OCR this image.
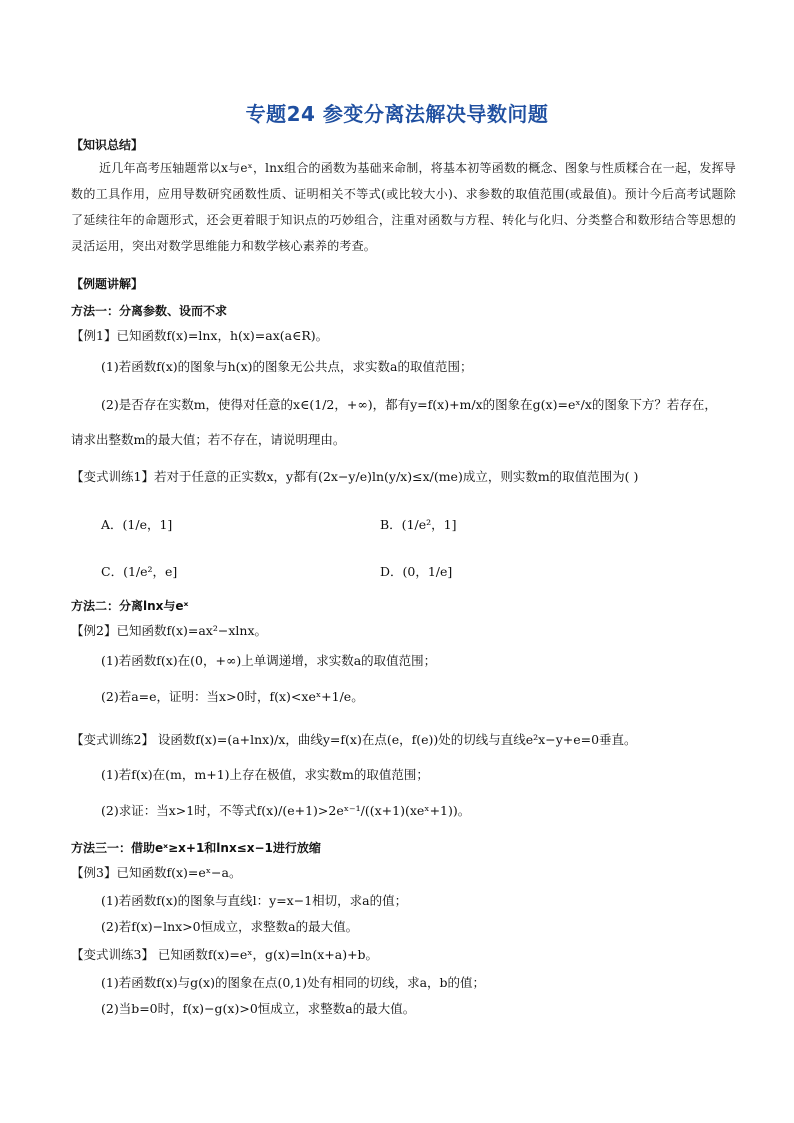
专题24 参变分离法解决导数问题
【知识总结】
近几年高考压轴题常以x与eˣ，lnx组合的函数为基础来命制，将基本初等函数的概念、图象与性质糅合在一起，发挥导数的工具作用，应用导数研究函数性质、证明相关不等式(或比较大小)、求参数的取值范围(或最值)。预计今后高考试题除了延续往年的命题形式，还会更着眼于知识点的巧妙组合，注重对函数与方程、转化与化归、分类整合和数形结合等思想的灵活运用，突出对数学思维能力和数学核心素养的考查。
【例题讲解】
方法一：分离参数、设而不求
【例1】已知函数f(x)=lnx，h(x)=ax(a∈R)。
(1)若函数f(x)的图象与h(x)的图象无公共点，求实数a的取值范围；
(2)是否存在实数m，使得对任意的x∈(1/2，+∞)，都有y=f(x)+m/x的图象在g(x)=eˣ/x的图象下方？若存在，
请求出整数m的最大值；若不存在，请说明理由。
【变式训练1】若对于任意的正实数x，y都有(2x−y/e)ln(y/x)≤x/(me)成立，则实数m的取值范围为( )
A．(1/e，1]	B．(1/e²，1]
C．(1/e²，e]	D．(0，1/e]
方法二：分离lnx与eˣ
【例2】已知函数f(x)=ax²−xlnx。
(1)若函数f(x)在(0，+∞)上单调递增，求实数a的取值范围；
(2)若a=e，证明：当x>0时，f(x)<xeˣ+1/e。
【变式训练2】 设函数f(x)=(a+lnx)/x，曲线y=f(x)在点(e，f(e))处的切线与直线e²x−y+e=0垂直。
(1)若f(x)在(m，m+1)上存在极值，求实数m的取值范围；
(2)求证：当x>1时，不等式f(x)/(e+1)>2eˣ⁻¹/((x+1)(xeˣ+1))。
方法三一：借助eˣ≥x+1和lnx≤x−1进行放缩
【例3】已知函数f(x)=eˣ−a。
(1)若函数f(x)的图象与直线l：y=x−1相切，求a的值；
(2)若f(x)−lnx>0恒成立，求整数a的最大值。
【变式训练3】 已知函数f(x)=eˣ，g(x)=ln(x+a)+b。
(1)若函数f(x)与g(x)的图象在点(0,1)处有相同的切线，求a，b的值；
(2)当b=0时，f(x)−g(x)>0恒成立，求整数a的最大值。
